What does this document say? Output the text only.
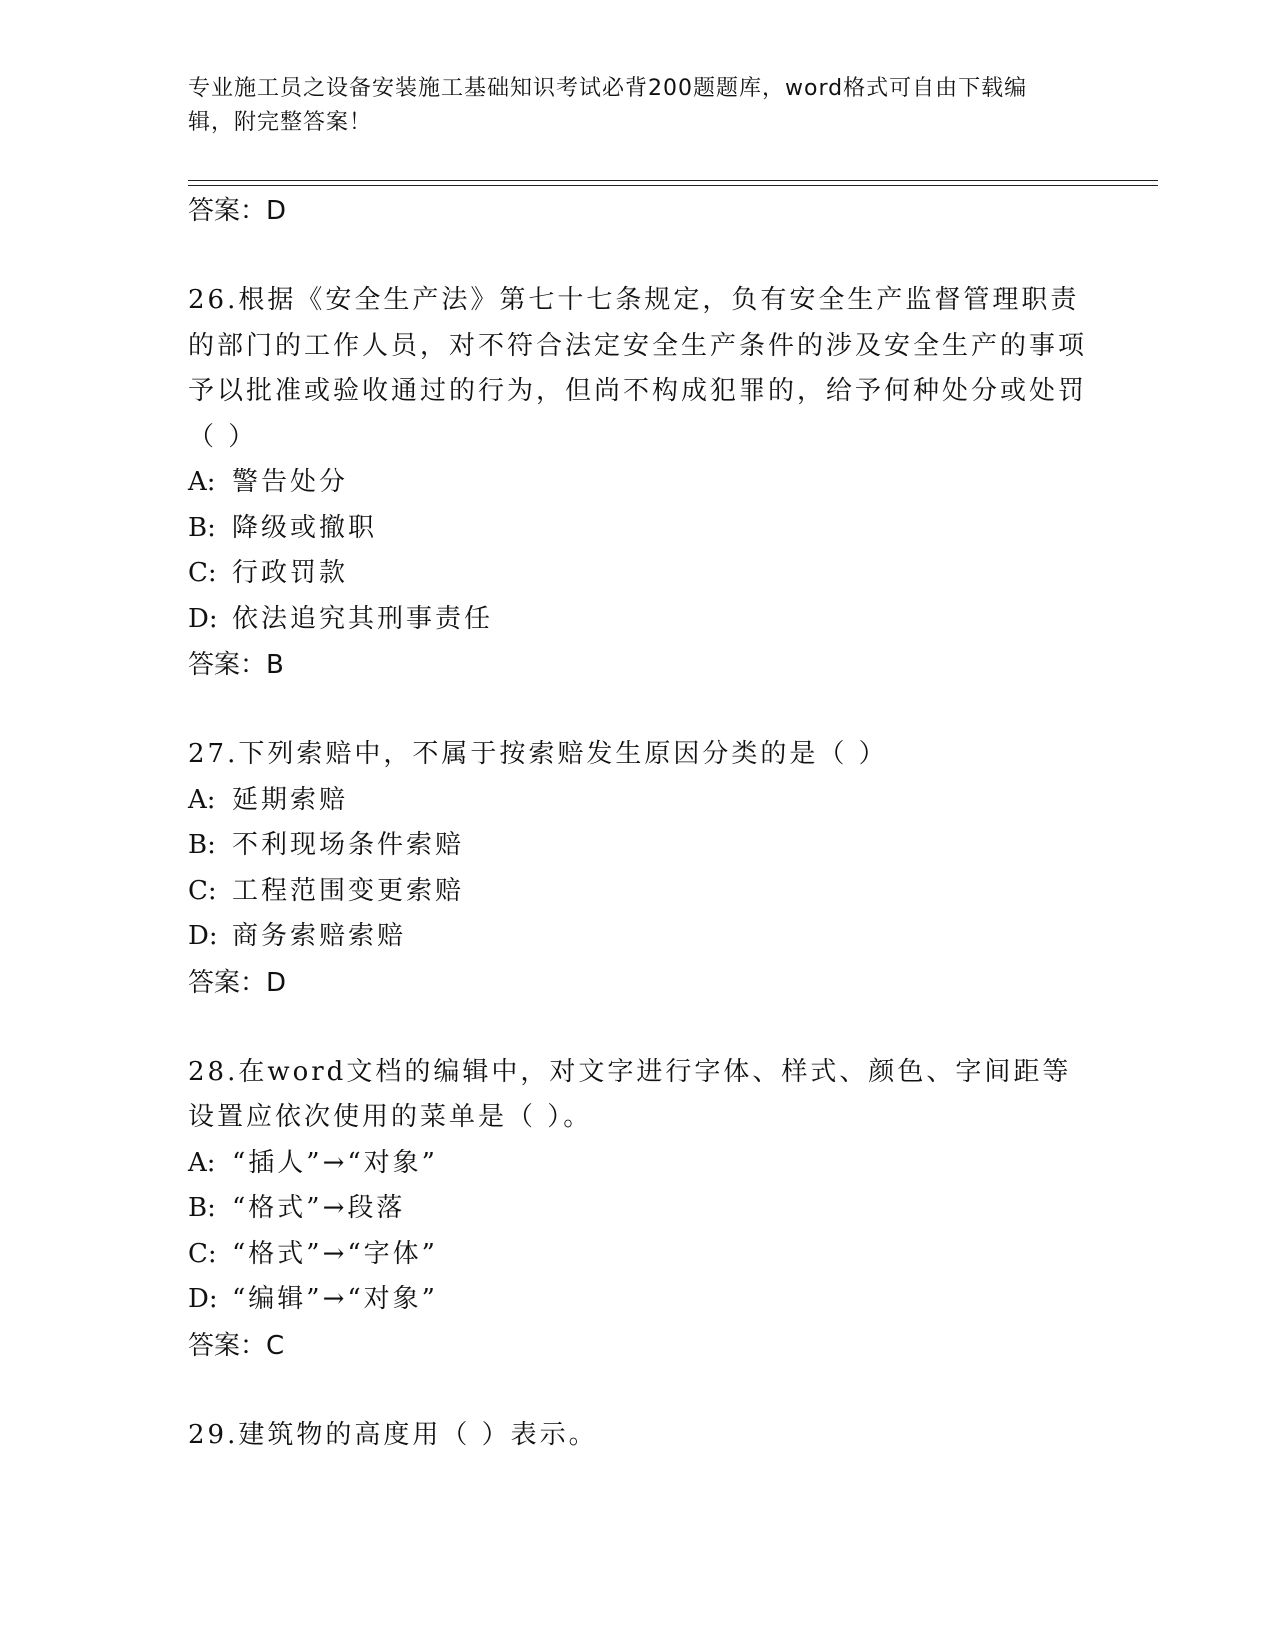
专业施工员之设备安装施工基础知识考试必背200题题库，word格式可自由下载编辑，附完整答案！
答案：D
26.根据《安全生产法》第七十七条规定，负有安全生产监督管理职责的部门的工作人员，对不符合法定安全生产条件的涉及安全生产的事项予以批准或验收通过的行为，但尚不构成犯罪的，给予何种处分或处罚（ ）
A: 警告处分
B: 降级或撤职
C: 行政罚款
D: 依法追究其刑事责任
答案：B
27.下列索赔中，不属于按索赔发生原因分类的是（ ）
A: 延期索赔
B: 不利现场条件索赔
C: 工程范围变更索赔
D: 商务索赔索赔
答案：D
28.在word文档的编辑中，对文字进行字体、样式、颜色、字间距等设置应依次使用的菜单是（ ）。
A: “插人”→“对象”
B: “格式”→段落
C: “格式”→“字体”
D: “编辑”→“对象”
答案：C
29.建筑物的高度用（ ）表示。
